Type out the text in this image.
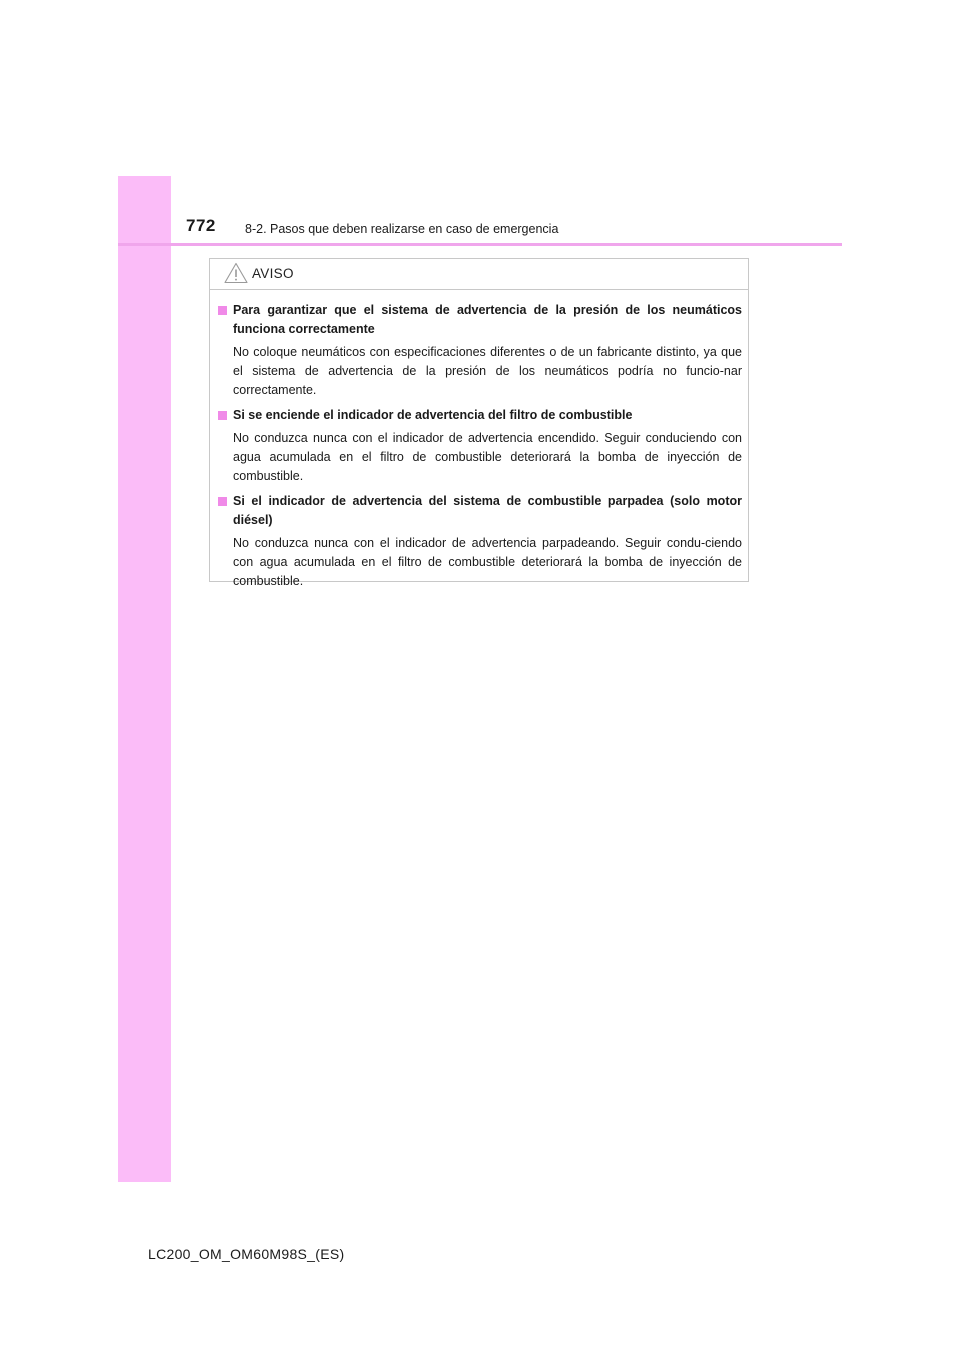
772 8-2. Pasos que deben realizarse en caso de emergencia
AVISO
Para garantizar que el sistema de advertencia de la presión de los neumáticos funciona correctamente
No coloque neumáticos con especificaciones diferentes o de un fabricante distinto, ya que el sistema de advertencia de la presión de los neumáticos podría no funcio-nar correctamente.
Si se enciende el indicador de advertencia del filtro de combustible
No conduzca nunca con el indicador de advertencia encendido. Seguir conduciendo con agua acumulada en el filtro de combustible deteriorará la bomba de inyección de combustible.
Si el indicador de advertencia del sistema de combustible parpadea (solo motor diésel)
No conduzca nunca con el indicador de advertencia parpadeando. Seguir condu-ciendo con agua acumulada en el filtro de combustible deteriorará la bomba de inyección de combustible.
LC200_OM_OM60M98S_(ES)
